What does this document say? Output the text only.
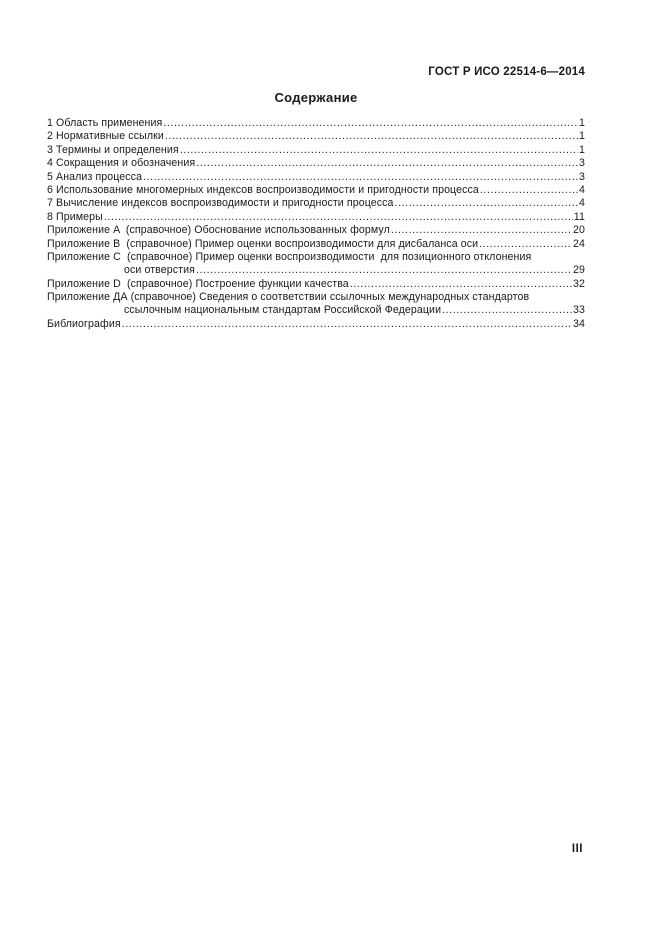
ГОСТ Р ИСО 22514-6—2014
Содержание
1 Область применения .....	1
2 Нормативные ссылки .....	1
3 Термины и определения .....	1
4 Сокращения и обозначения .....	3
5 Анализ процесса .....	3
6 Использование многомерных индексов воспроизводимости и пригодности процесса .....	4
7 Вычисление индексов воспроизводимости и пригодности процесса .....	4
8 Примеры .....	11
Приложение A  (справочное) Обоснование использованных формул .....	20
Приложение B  (справочное) Пример оценки воспроизводимости для дисбаланса оси .....	24
Приложение C  (справочное) Пример оценки воспроизводимости  для позиционного отклонения
оси отверстия .....	29
Приложение D  (справочное) Построение функции качества .....	32
Приложение ДА (справочное) Сведения о соответствии ссылочных международных стандартов
ссылочным национальным стандартам Российской Федерации .....	33
Библиография .....	34
III
